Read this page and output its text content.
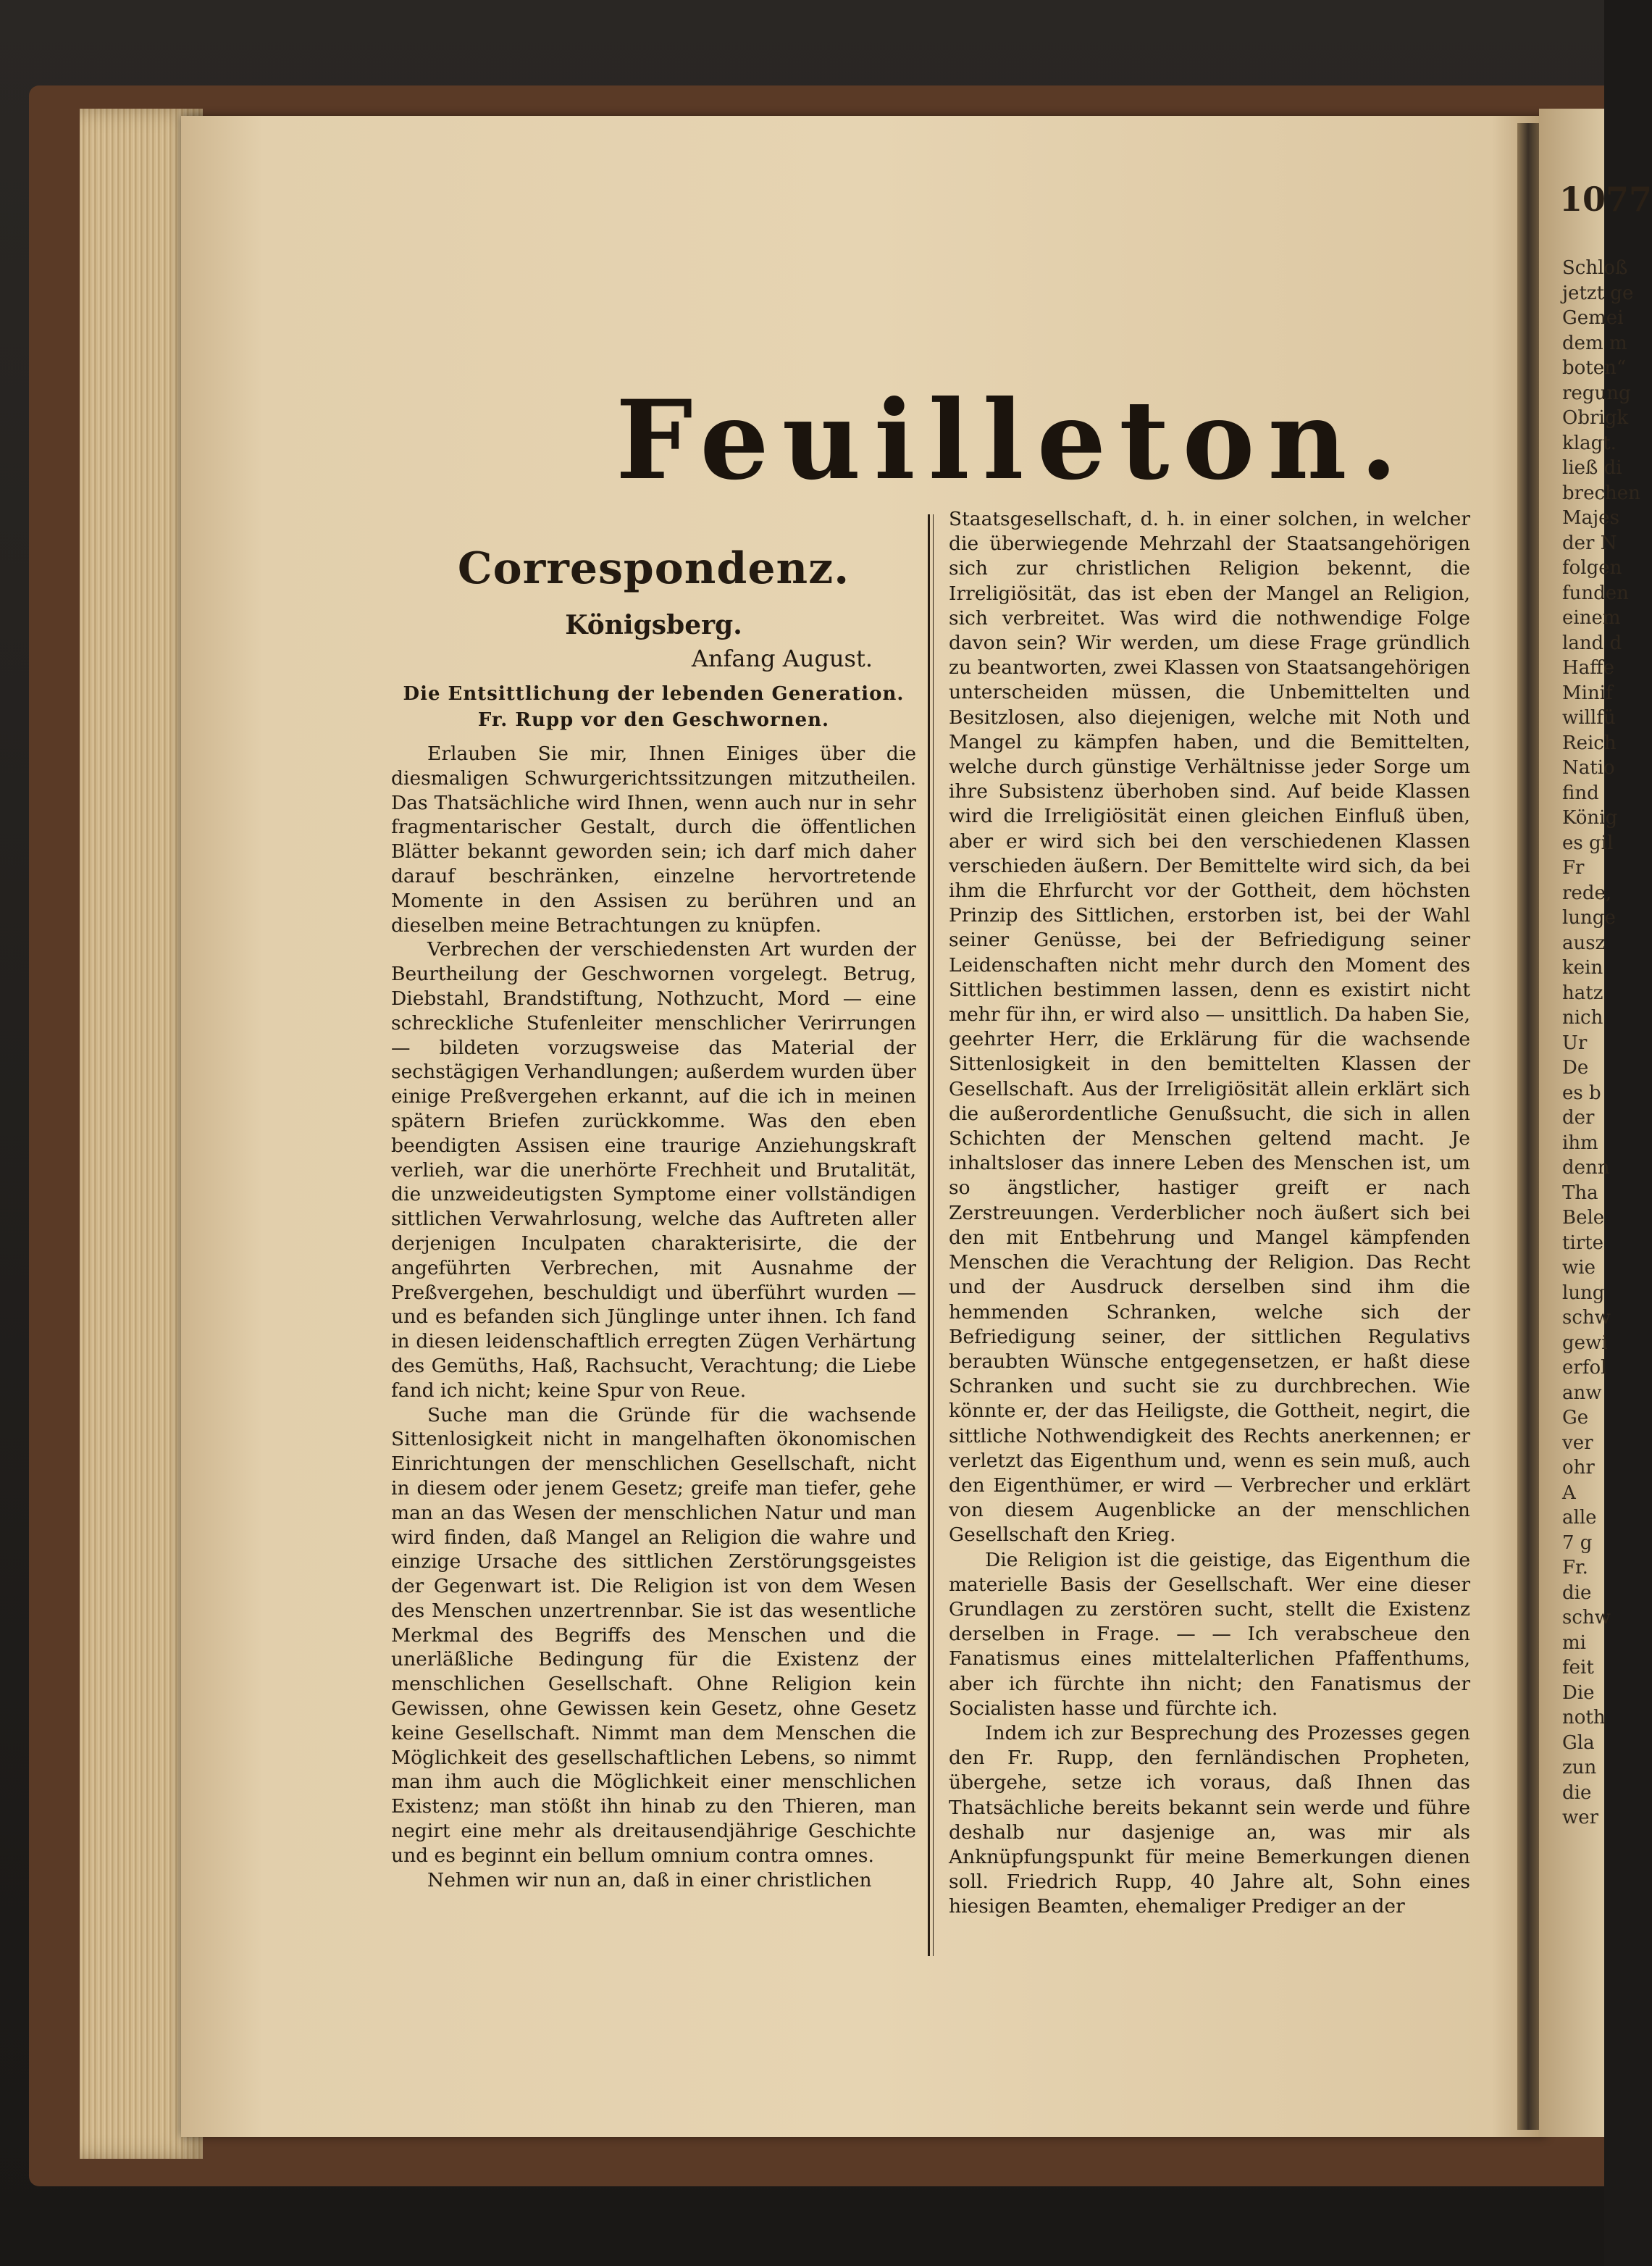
1077
Schloß
jetzt ge
Gemei
dem m
boten“
regung
Obrigk
klagt.
ließ di
brechen
Majes
der N
folgen
funden
einem
land d
Haffe
Minif
willfü
Reich
Natio
find
König
es gil
Fr
rede,
lunge
ausz
kein
hatz
nich
Ur
De
es b
der
ihm
denn
Tha
Bele
tirte
wie
lung
schw
gewi
erfol
anw
Ge
ver
ohr
A
alle
7 g
Fr.
die
schw
mi
feit
Die
noth
Gla
zun
die
wer
Feuilleton.
Correspondenz.
Königsberg.
Anfang August.
Die Entsittlichung der lebenden Generation. Fr. Rupp vor den Geschwornen.

Erlauben Sie mir, Ihnen Einiges über die diesmaligen Schwurgerichtssitzungen mitzutheilen. Das Thatsächliche wird Ihnen, wenn auch nur in sehr fragmentarischer Gestalt, durch die öffentlichen Blätter bekannt geworden sein; ich darf mich daher darauf beschränken, einzelne hervortretende Momente in den Assisen zu berühren und an dieselben meine Betrachtungen zu knüpfen.

Verbrechen der verschiedensten Art wurden der Beurtheilung der Geschwornen vorgelegt. Betrug, Diebstahl, Brandstiftung, Nothzucht, Mord — eine schreckliche Stufenleiter menschlicher Verirrungen — bildeten vorzugsweise das Material der sechstägigen Verhandlungen; außerdem wurden über einige Preßvergehen erkannt, auf die ich in meinen spätern Briefen zurückkomme. Was den eben beendigten Assisen eine traurige Anziehungskraft verlieh, war die unerhörte Frechheit und Brutalität, die unzweideutigsten Symptome einer vollständigen sittlichen Verwahrlosung, welche das Auftreten aller derjenigen Inculpaten charakterisirte, die der angeführten Verbrechen, mit Ausnahme der Preßvergehen, beschuldigt und überführt wurden — und es befanden sich Jünglinge unter ihnen. Ich fand in diesen leidenschaftlich erregten Zügen Verhärtung des Gemüths, Haß, Rachsucht, Verachtung; die Liebe fand ich nicht; keine Spur von Reue.

Suche man die Gründe für die wachsende Sittenlosigkeit nicht in mangelhaften ökonomischen Einrichtungen der menschlichen Gesellschaft, nicht in diesem oder jenem Gesetz; greife man tiefer, gehe man an das Wesen der menschlichen Natur und man wird finden, daß Mangel an Religion die wahre und einzige Ursache des sittlichen Zerstörungsgeistes der Gegenwart ist. Die Religion ist von dem Wesen des Menschen unzertrennbar. Sie ist das wesentliche Merkmal des Begriffs des Menschen und die unerläßliche Bedingung für die Existenz der menschlichen Gesellschaft. Ohne Religion kein Gewissen, ohne Gewissen kein Gesetz, ohne Gesetz keine Gesellschaft. Nimmt man dem Menschen die Möglichkeit des gesellschaftlichen Lebens, so nimmt man ihm auch die Möglichkeit einer menschlichen Existenz; man stößt ihn hinab zu den Thieren, man negirt eine mehr als dreitausendjährige Geschichte und es beginnt ein bellum omnium contra omnes.

Nehmen wir nun an, daß in einer christlichen

Staatsgesellschaft, d. h. in einer solchen, in welcher die überwiegende Mehrzahl der Staatsangehörigen sich zur christlichen Religion bekennt, die Irreligiösität, das ist eben der Mangel an Religion, sich verbreitet. Was wird die nothwendige Folge davon sein? Wir werden, um diese Frage gründlich zu beantworten, zwei Klassen von Staatsangehörigen unterscheiden müssen, die Unbemittelten und Besitzlosen, also diejenigen, welche mit Noth und Mangel zu kämpfen haben, und die Bemittelten, welche durch günstige Verhältnisse jeder Sorge um ihre Subsistenz überhoben sind. Auf beide Klassen wird die Irreligiösität einen gleichen Einfluß üben, aber er wird sich bei den verschiedenen Klassen verschieden äußern. Der Bemittelte wird sich, da bei ihm die Ehrfurcht vor der Gottheit, dem höchsten Prinzip des Sittlichen, erstorben ist, bei der Wahl seiner Genüsse, bei der Befriedigung seiner Leidenschaften nicht mehr durch den Moment des Sittlichen bestimmen lassen, denn es existirt nicht mehr für ihn, er wird also — unsittlich. Da haben Sie, geehrter Herr, die Erklärung für die wachsende Sittenlosigkeit in den bemittelten Klassen der Gesellschaft. Aus der Irreligiösität allein erklärt sich die außerordentliche Genußsucht, die sich in allen Schichten der Menschen geltend macht. Je inhaltsloser das innere Leben des Menschen ist, um so ängstlicher, hastiger greift er nach Zerstreuungen. Verderblicher noch äußert sich bei den mit Entbehrung und Mangel kämpfenden Menschen die Verachtung der Religion. Das Recht und der Ausdruck derselben sind ihm die hemmenden Schranken, welche sich der Befriedigung seiner, der sittlichen Regulativs beraubten Wünsche entgegensetzen, er haßt diese Schranken und sucht sie zu durchbrechen. Wie könnte er, der das Heiligste, die Gottheit, negirt, die sittliche Nothwendigkeit des Rechts anerkennen; er verletzt das Eigenthum und, wenn es sein muß, auch den Eigenthümer, er wird — Verbrecher und erklärt von diesem Augenblicke an der menschlichen Gesellschaft den Krieg.

Die Religion ist die geistige, das Eigenthum die materielle Basis der Gesellschaft. Wer eine dieser Grundlagen zu zerstören sucht, stellt die Existenz derselben in Frage. — — Ich verabscheue den Fanatismus eines mittelalterlichen Pfaffenthums, aber ich fürchte ihn nicht; den Fanatismus der Socialisten hasse und fürchte ich.

Indem ich zur Besprechung des Prozesses gegen den Fr. Rupp, den fernländischen Propheten, übergehe, setze ich voraus, daß Ihnen das Thatsächliche bereits bekannt sein werde und führe deshalb nur dasjenige an, was mir als Anknüpfungspunkt für meine Bemerkungen dienen soll. Friedrich Rupp, 40 Jahre alt, Sohn eines hiesigen Beamten, ehemaliger Prediger an der
